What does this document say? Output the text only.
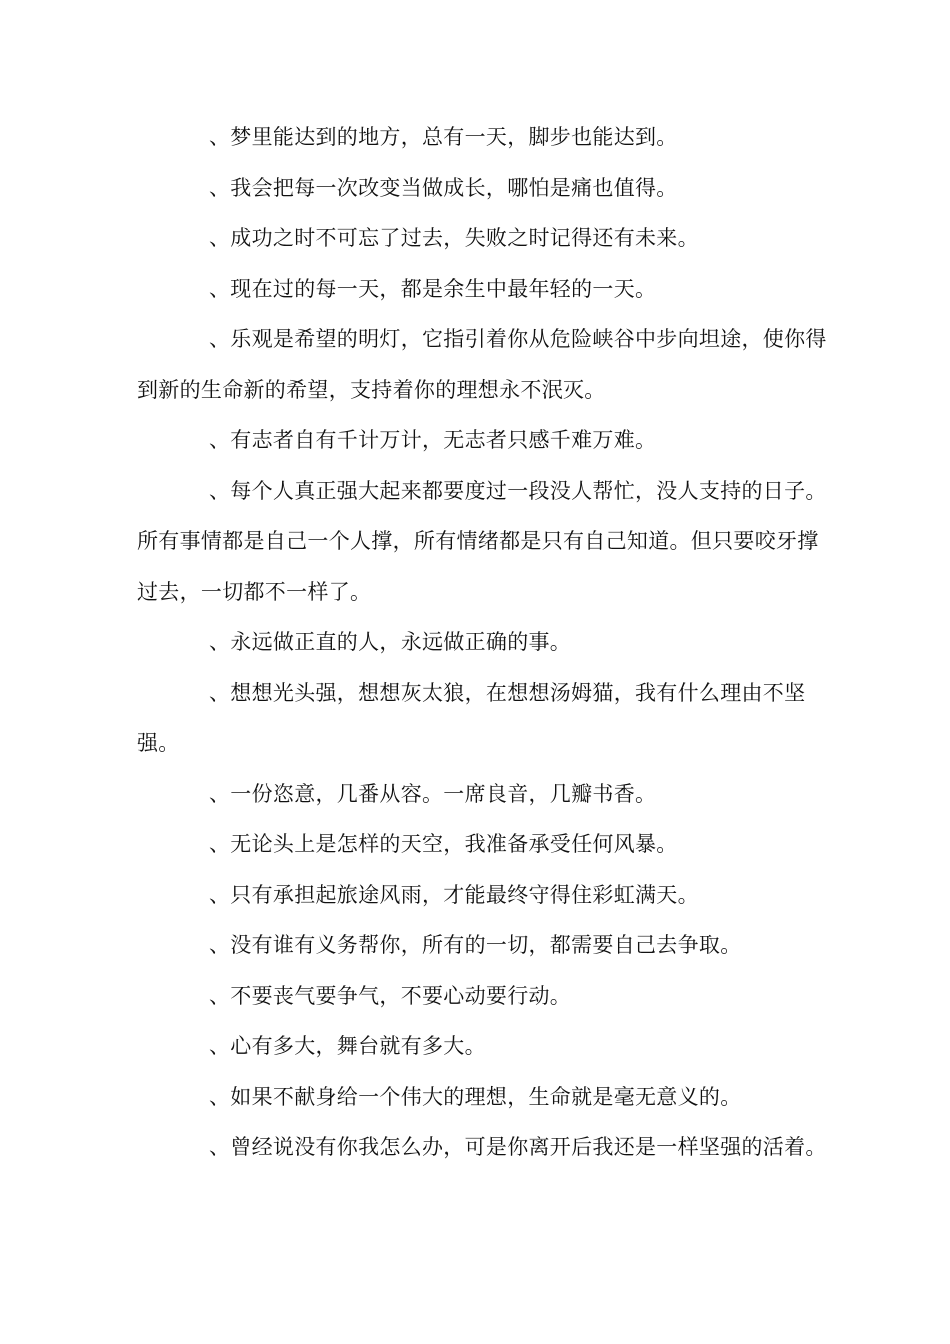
、梦里能达到的地方，总有一天，脚步也能达到。

、我会把每一次改变当做成长，哪怕是痛也值得。

、成功之时不可忘了过去，失败之时记得还有未来。

、现在过的每一天，都是余生中最年轻的一天。

、乐观是希望的明灯，它指引着你从危险峡谷中步向坦途，使你得到新的生命新的希望，支持着你的理想永不泯灭。

、有志者自有千计万计，无志者只感千难万难。

、每个人真正强大起来都要度过一段没人帮忙，没人支持的日子。所有事情都是自己一个人撑，所有情绪都是只有自己知道。但只要咬牙撑过去，一切都不一样了。

、永远做正直的人，永远做正确的事。

、想想光头强，想想灰太狼，在想想汤姆猫，我有什么理由不坚强。

、一份恣意，几番从容。一席良音，几瓣书香。

、无论头上是怎样的天空，我准备承受任何风暴。

、只有承担起旅途风雨，才能最终守得住彩虹满天。

、没有谁有义务帮你，所有的一切，都需要自己去争取。

、不要丧气要争气，不要心动要行动。

、心有多大，舞台就有多大。

、如果不献身给一个伟大的理想，生命就是毫无意义的。

、曾经说没有你我怎么办，可是你离开后我还是一样坚强的活着。
